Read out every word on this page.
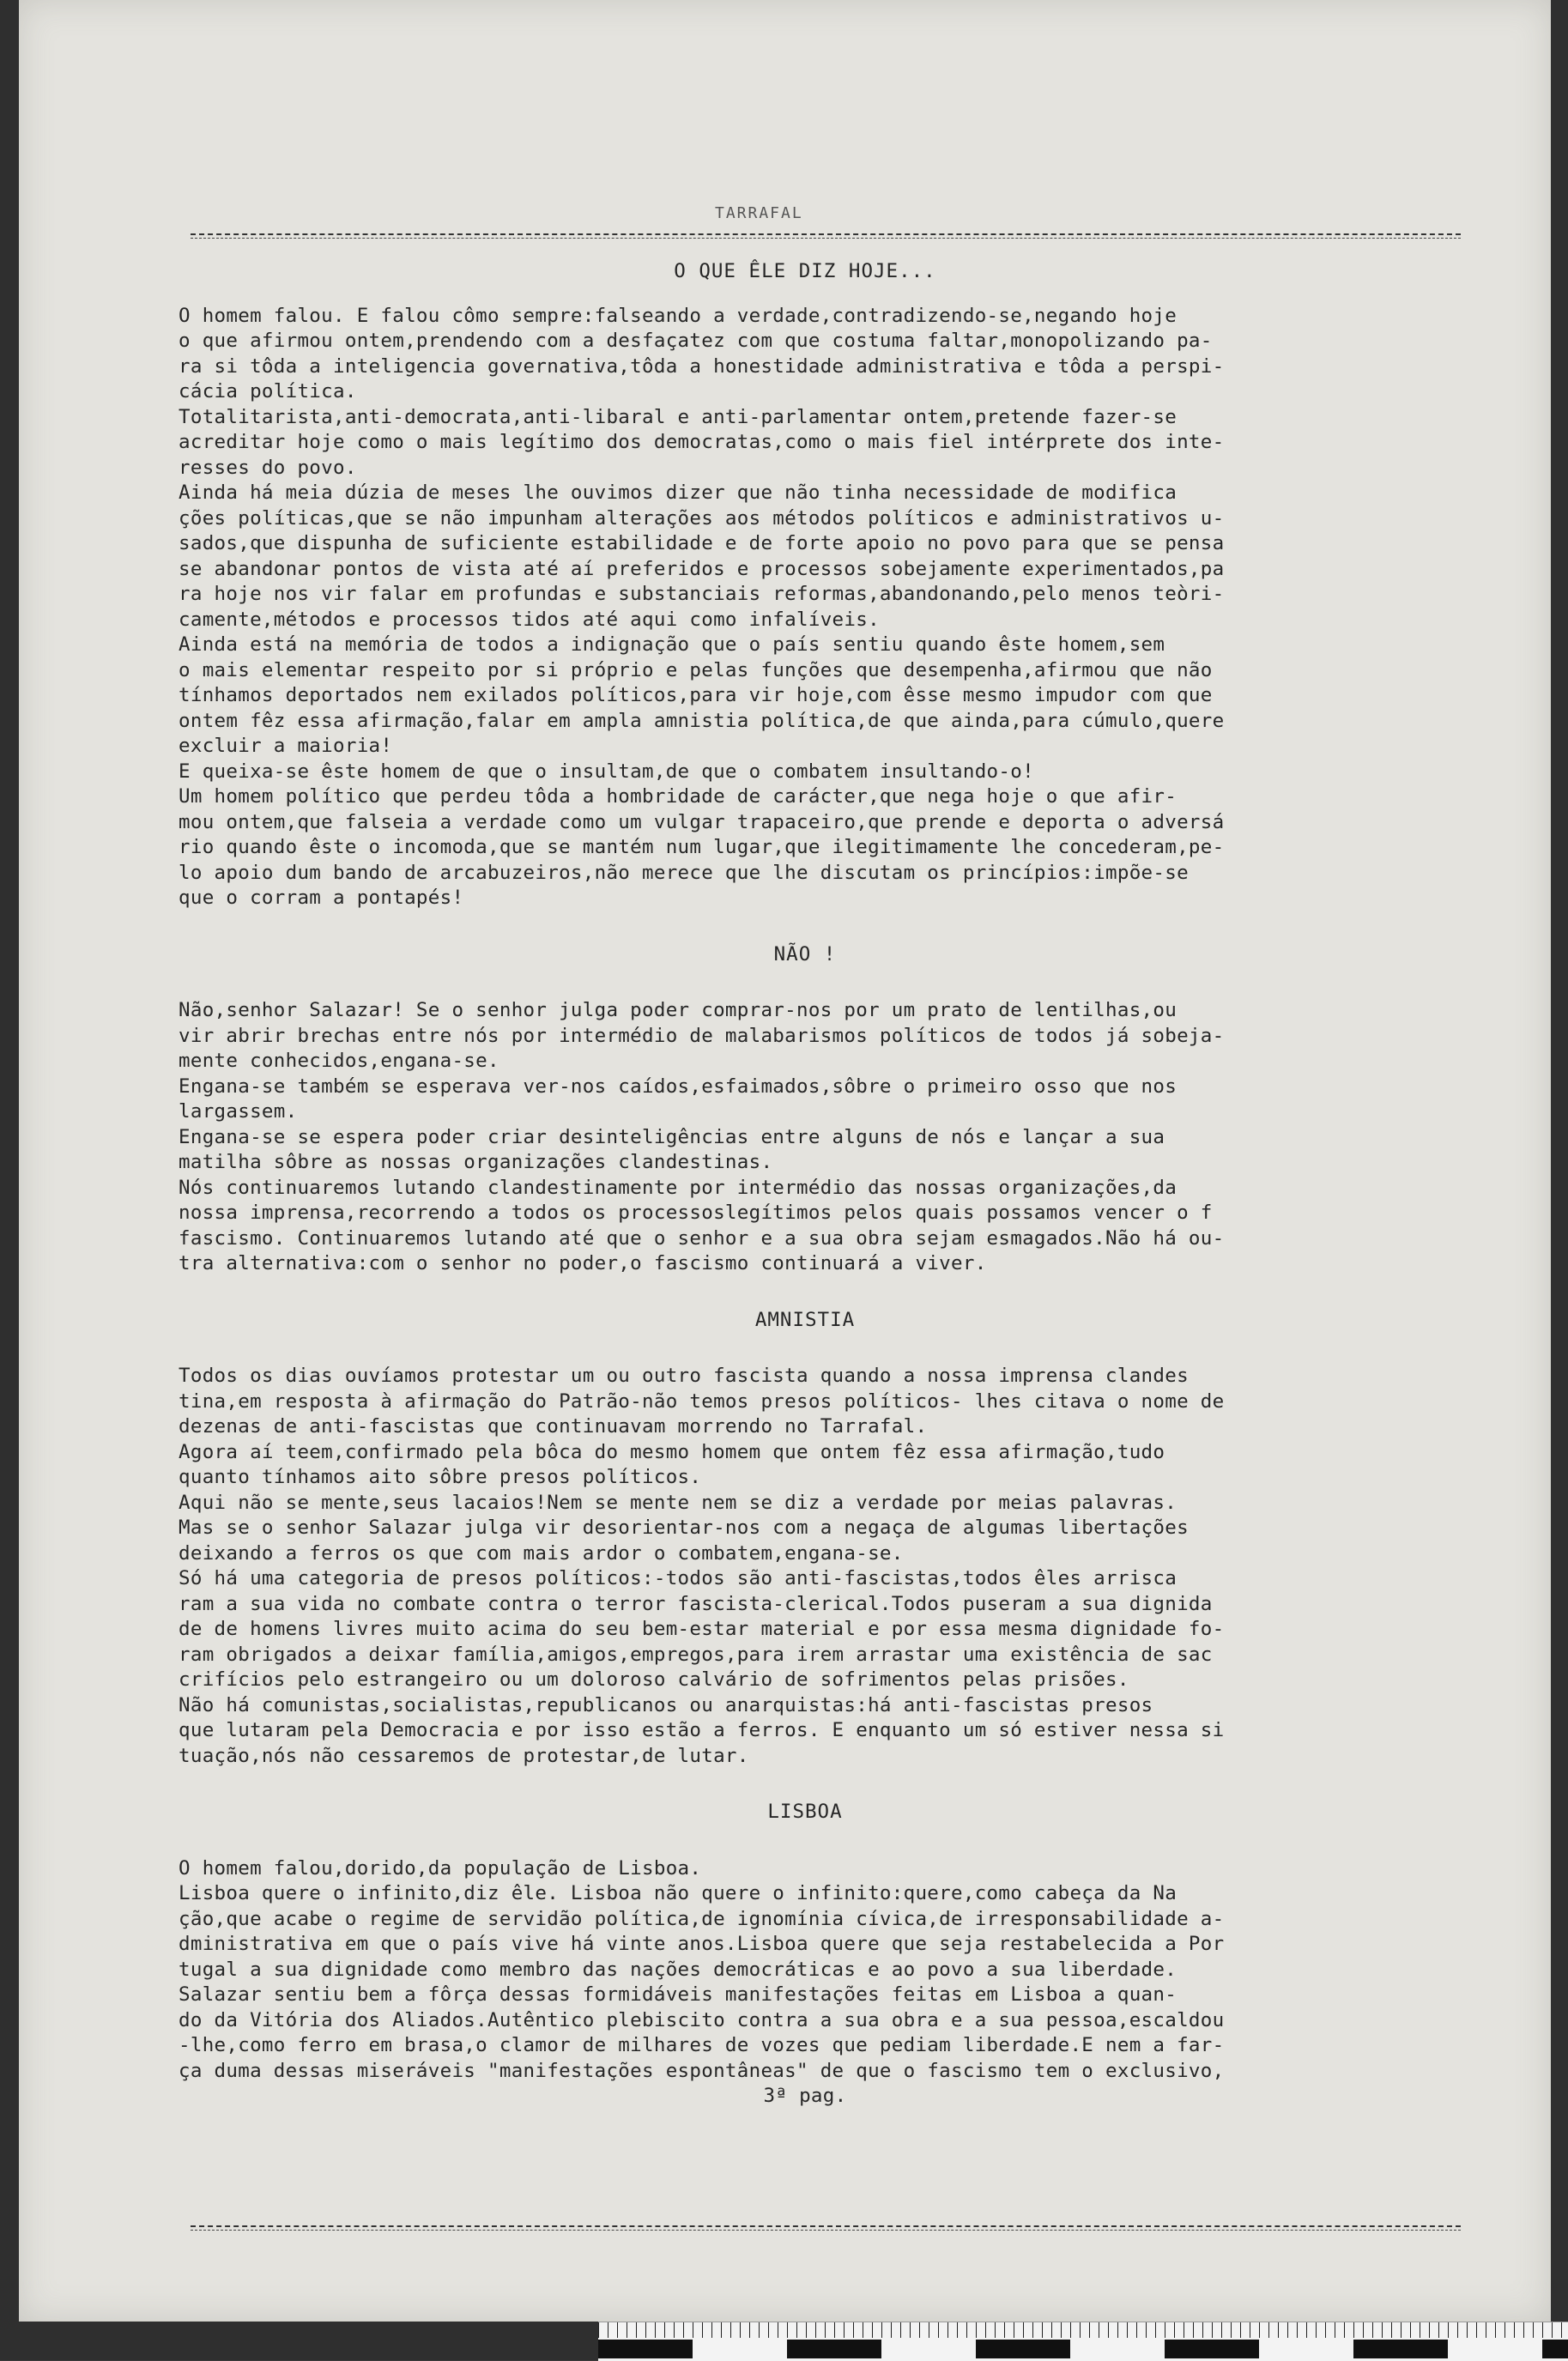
TARRAFAL
O QUE ÊLE DIZ HOJE...

O homem falou. E falou cômo sempre:falseando a verdade,contradizendo-se,negando hoje
o que afirmou ontem,prendendo com a desfaçatez com que costuma faltar,monopolizando pa-
ra si tôda a inteligencia governativa,tôda a honestidade administrativa e tôda a perspi-
cácia política.

Totalitarista,anti-democrata,anti-libaral e anti-parlamentar ontem,pretende fazer-se
acreditar hoje como o mais legítimo dos democratas,como o mais fiel intérprete dos inte-
resses do povo.

Ainda há meia dúzia de meses lhe ouvimos dizer que não tinha necessidade de modifica
ções políticas,que se não impunham alterações aos métodos políticos e administrativos u-
sados,que dispunha de suficiente estabilidade e de forte apoio no povo para que se pensa
se abandonar pontos de vista até aí preferidos e processos sobejamente experimentados,pa
ra hoje nos vir falar em profundas e substanciais reformas,abandonando,pelo menos teòri-
camente,métodos e processos tidos até aqui como infalíveis.

Ainda está na memória de todos a indignação que o país sentiu quando êste homem,sem
o mais elementar respeito por si próprio e pelas funções que desempenha,afirmou que não
tínhamos deportados nem exilados políticos,para vir hoje,com êsse mesmo impudor com que
ontem fêz essa afirmação,falar em ampla amnistia política,de que ainda,para cúmulo,quere
excluir a maioria!

E queixa-se êste homem de que o insultam,de que o combatem insultando-o!

Um homem político que perdeu tôda a hombridade de carácter,que nega hoje o que afir-
mou ontem,que falseia a verdade como um vulgar trapaceiro,que prende e deporta o adversá
rio quando êste o incomoda,que se mantém num lugar,que ilegitimamente lhe concederam,pe-
lo apoio dum bando de arcabuzeiros,não merece que lhe discutam os princípios:impõe-se
que o corram a pontapés!

NÃO !

Não,senhor Salazar! Se o senhor julga poder comprar-nos por um prato de lentilhas,ou
vir abrir brechas entre nós por intermédio de malabarismos políticos de todos já sobeja-
mente conhecidos,engana-se.

Engana-se também se esperava ver-nos caídos,esfaimados,sôbre o primeiro osso que nos
largassem.

Engana-se se espera poder criar desinteligências entre alguns de nós e lançar a sua
matilha sôbre as nossas organizações clandestinas.

Nós continuaremos lutando clandestinamente por intermédio das nossas organizações,da
nossa imprensa,recorrendo a todos os processoslegítimos pelos quais possamos vencer o f
fascismo. Continuaremos lutando até que o senhor e a sua obra sejam esmagados.Não há ou-
tra alternativa:com o senhor no poder,o fascismo continuará a viver.

AMNISTIA

Todos os dias ouvíamos protestar um ou outro fascista quando a nossa imprensa clandes
tina,em resposta à afirmação do Patrão-não temos presos políticos- lhes citava o nome de
dezenas de anti-fascistas que continuavam morrendo no Tarrafal.

Agora aí teem,confirmado pela bôca do mesmo homem que ontem fêz essa afirmação,tudo
quanto tínhamos aito sôbre presos políticos.

Aqui não se mente,seus lacaios!Nem se mente nem se diz a verdade por meias palavras.

Mas se o senhor Salazar julga vir desorientar-nos com a negaça de algumas libertações
deixando a ferros os que com mais ardor o combatem,engana-se.

Só há uma categoria de presos políticos:-todos são anti-fascistas,todos êles arrisca
ram a sua vida no combate contra o terror fascista-clerical.Todos puseram a sua dignida
de de homens livres muito acima do seu bem-estar material e por essa mesma dignidade fo-
ram obrigados a deixar família,amigos,empregos,para irem arrastar uma existência de sac
crifícios pelo estrangeiro ou um doloroso calvário de sofrimentos pelas prisões.

Não há comunistas,socialistas,republicanos ou anarquistas:há anti-fascistas presos
que lutaram pela Democracia e por isso estão a ferros. E enquanto um só estiver nessa si
tuação,nós não cessaremos de protestar,de lutar.

LISBOA

O homem falou,dorido,da população de Lisboa.

Lisboa quere o infinito,diz êle. Lisboa não quere o infinito:quere,como cabeça da Na
ção,que acabe o regime de servidão política,de ignomínia cívica,de irresponsabilidade a-
dministrativa em que o país vive há vinte anos.Lisboa quere que seja restabelecida a Por
tugal a sua dignidade como membro das nações democráticas e ao povo a sua liberdade.

Salazar sentiu bem a fôrça dessas formidáveis manifestações feitas em Lisboa a quan-
do da Vitória dos Aliados.Autêntico plebiscito contra a sua obra e a sua pessoa,escaldou
-lhe,como ferro em brasa,o clamor de milhares de vozes que pediam liberdade.E nem a far-
ça duma dessas miseráveis "manifestações espontâneas" de que o fascismo tem o exclusivo,

3ª pag.
